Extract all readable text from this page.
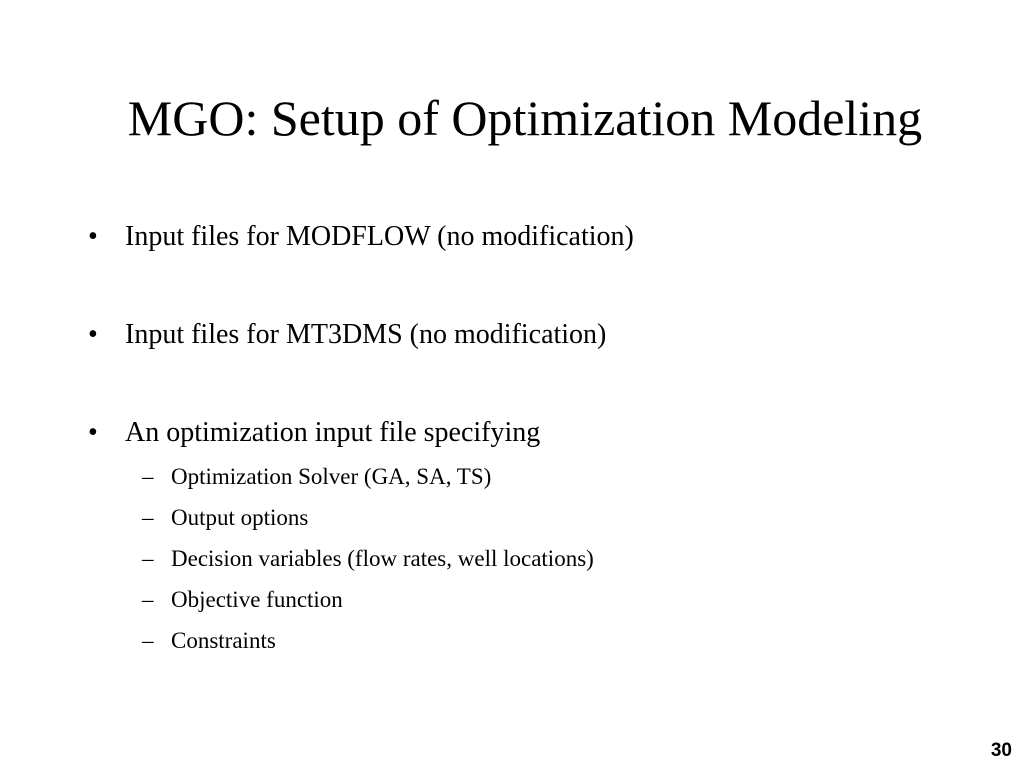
MGO: Setup of Optimization Modeling
• Input files for MODFLOW (no modification)
• Input files for MT3DMS (no modification)
• An optimization input file specifying
– Optimization Solver (GA, SA, TS)
– Output options
– Decision variables (flow rates, well locations)
– Objective function
– Constraints
30
